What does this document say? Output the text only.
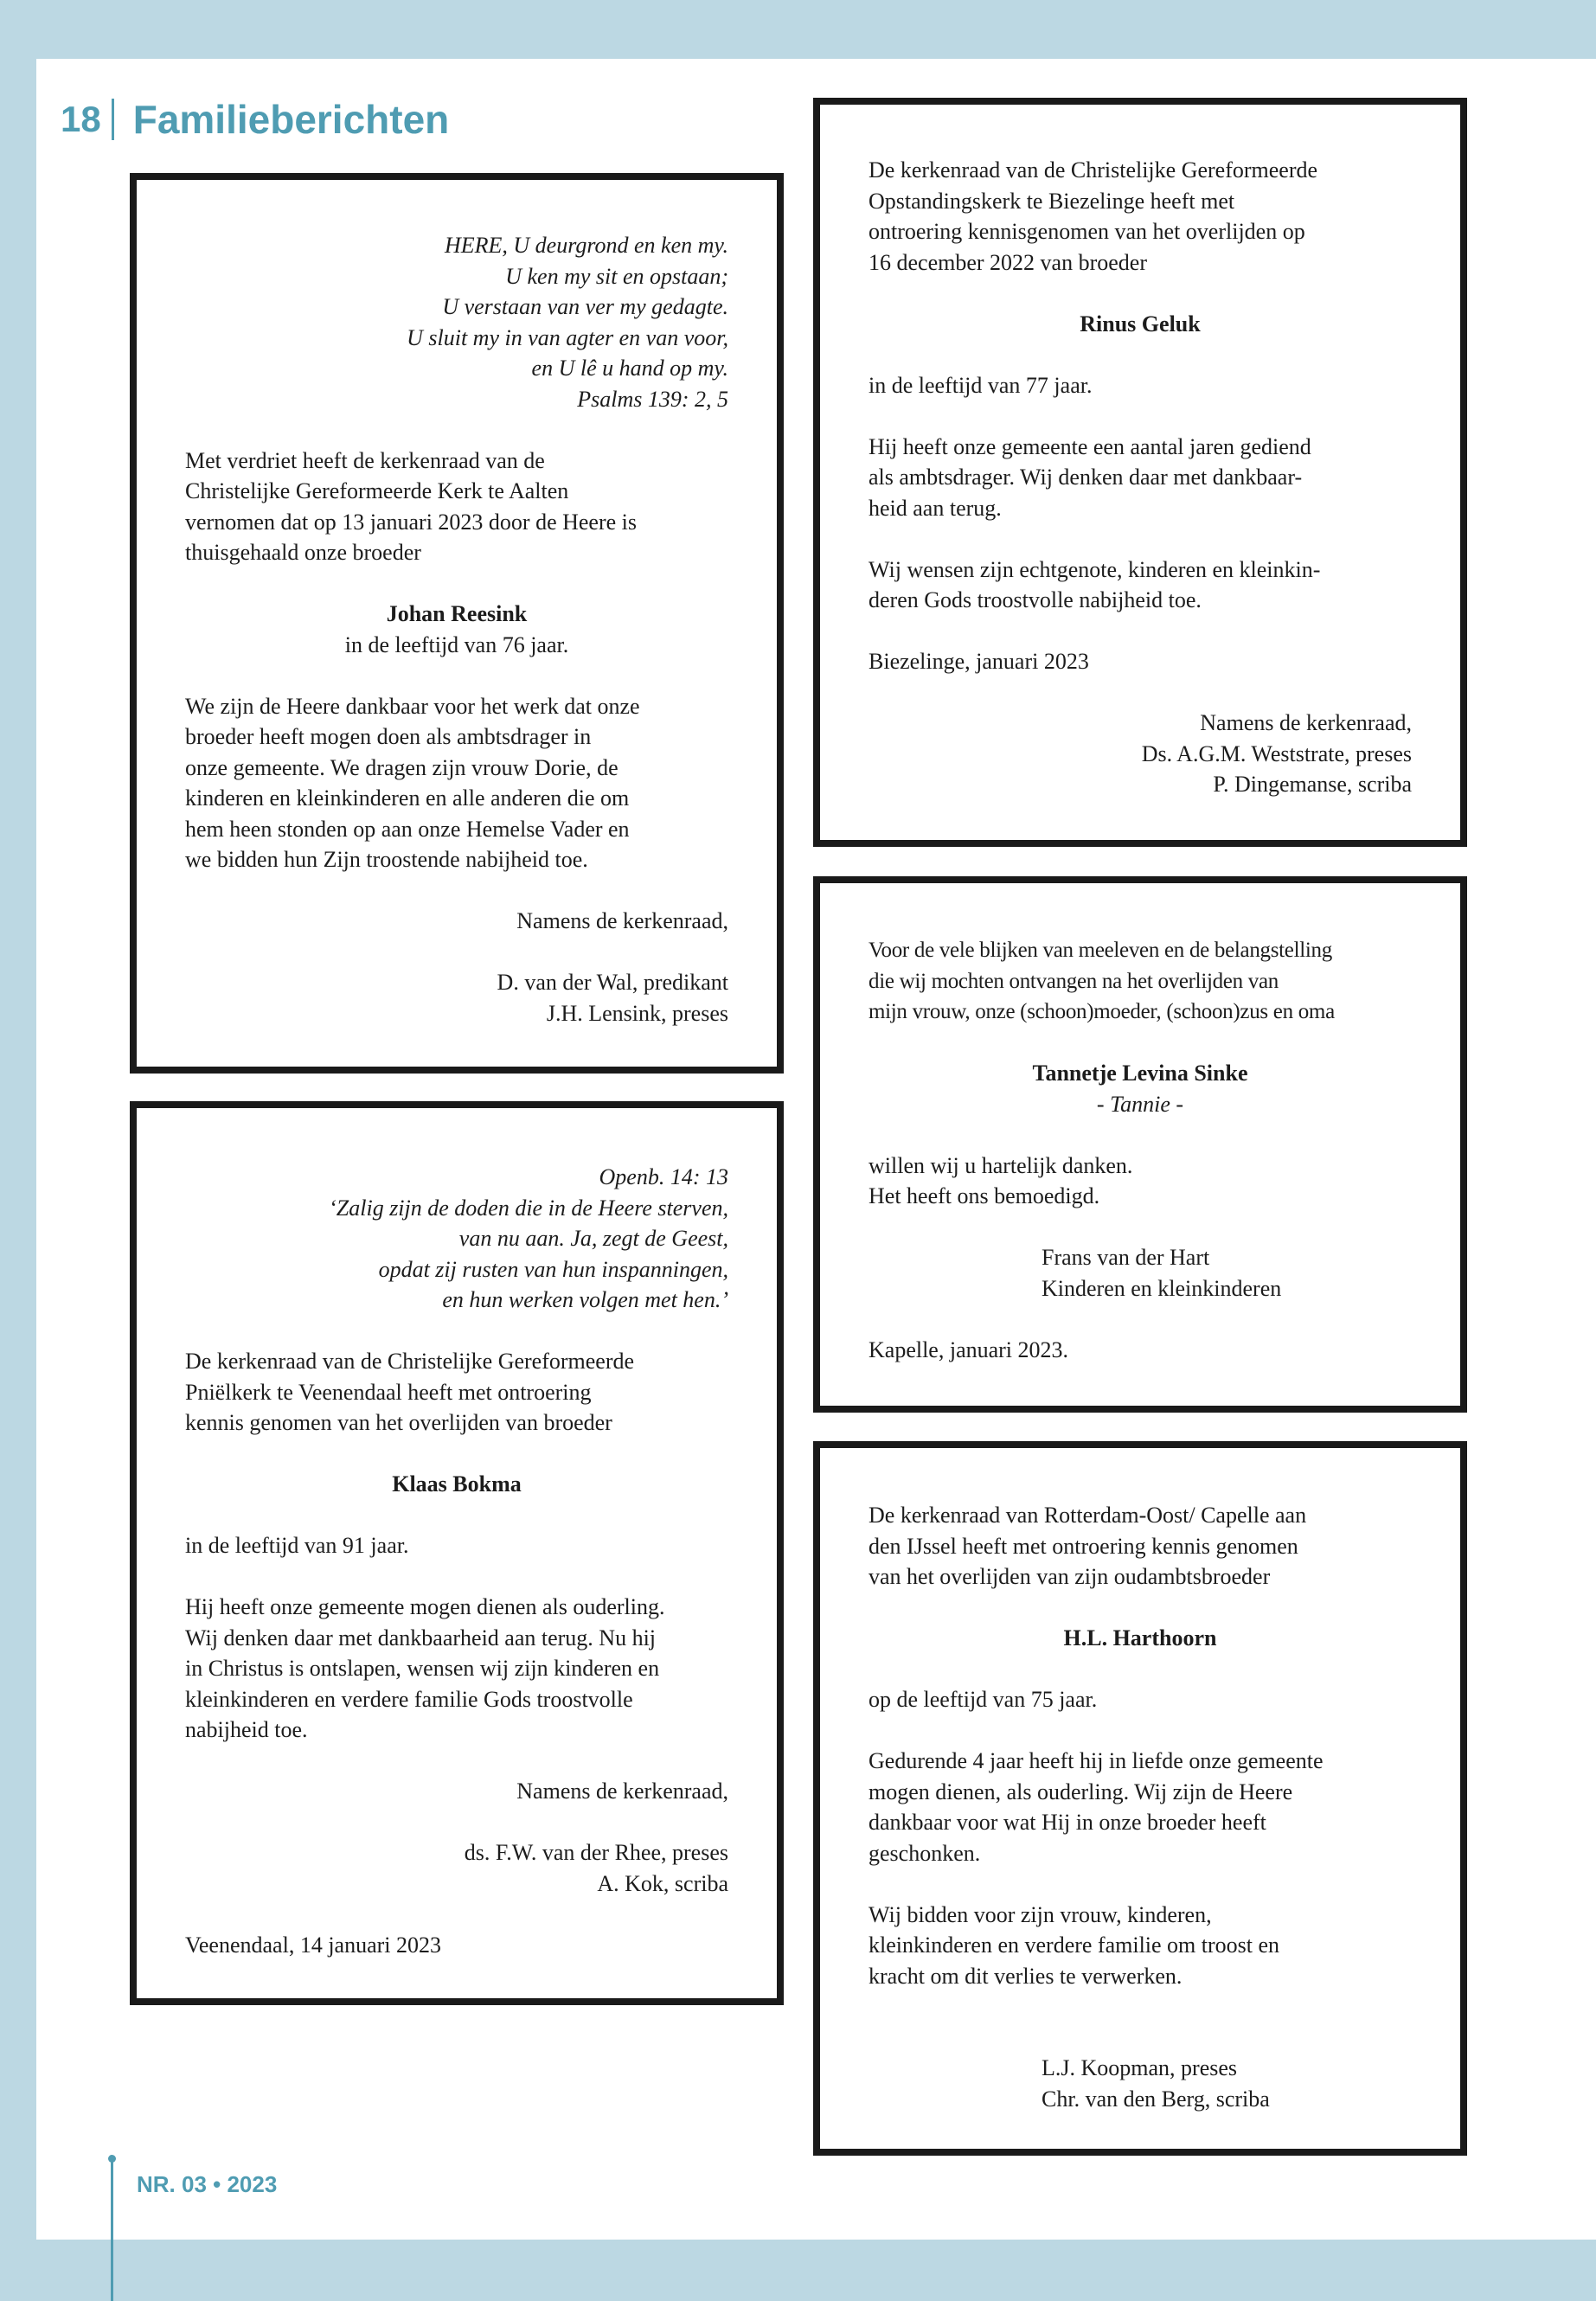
18 Familieberichten

HERE, U deurgrond en ken my.

U ken my sit en opstaan;

U verstaan van ver my gedagte.

U sluit my in van agter en van voor,

en U lê u hand op my.

Psalms 139: 2, 5

Met verdriet heeft de kerkenraad van de

Christelijke Gereformeerde Kerk te Aalten

vernomen dat op 13 januari 2023 door de Heere is

thuisgehaald onze broeder

Johan Reesink

in de leeftijd van 76 jaar.

We zijn de Heere dankbaar voor het werk dat onze

broeder heeft mogen doen als ambtsdrager in

onze gemeente. We dragen zijn vrouw Dorie, de

kinderen en kleinkinderen en alle anderen die om

hem heen stonden op aan onze Hemelse Vader en

we bidden hun Zijn troostende nabijheid toe.

Namens de kerkenraad,

D. van der Wal, predikant

J.H. Lensink, preses

Openb. 14: 13

‘Zalig zijn de doden die in de Heere sterven,

van nu aan. Ja, zegt de Geest,

opdat zij rusten van hun inspanningen,

en hun werken volgen met hen.’

De kerkenraad van de Christelijke Gereformeerde

Pniëlkerk te Veenendaal heeft met ontroering

kennis genomen van het overlijden van broeder

Klaas Bokma

in de leeftijd van 91 jaar.

Hij heeft onze gemeente mogen dienen als ouderling.

Wij denken daar met dankbaarheid aan terug. Nu hij

in Christus is ontslapen, wensen wij zijn kinderen en

kleinkinderen en verdere familie Gods troostvolle

nabijheid toe.

Namens de kerkenraad,

ds. F.W. van der Rhee, preses

A. Kok, scriba

Veenendaal, 14 januari 2023

De kerkenraad van de Christelijke Gereformeerde

Opstandingskerk te Biezelinge heeft met

ontroering kennisgenomen van het overlijden op

16 december 2022 van broeder

Rinus Geluk

in de leeftijd van 77 jaar.

Hij heeft onze gemeente een aantal jaren gediend

als ambtsdrager. Wij denken daar met dankbaar-

heid aan terug.

Wij wensen zijn echtgenote, kinderen en kleinkin-

deren Gods troostvolle nabijheid toe.

Biezelinge, januari 2023

Namens de kerkenraad,

Ds. A.G.M. Weststrate, preses

P. Dingemanse, scriba

Voor de vele blijken van meeleven en de belangstelling

die wij mochten ontvangen na het overlijden van

mijn vrouw, onze (schoon)moeder, (schoon)zus en oma

Tannetje Levina Sinke

- Tannie -

willen wij u hartelijk danken.

Het heeft ons bemoedigd.

Frans van der Hart

Kinderen en kleinkinderen

Kapelle, januari 2023.

De kerkenraad van Rotterdam-Oost/ Capelle aan

den IJssel heeft met ontroering kennis genomen

van het overlijden van zijn oudambtsbroeder

H.L. Harthoorn

op de leeftijd van 75 jaar.

Gedurende 4 jaar heeft hij in liefde onze gemeente

mogen dienen, als ouderling. Wij zijn de Heere

dankbaar voor wat Hij in onze broeder heeft

geschonken.

Wij bidden voor zijn vrouw, kinderen,

kleinkinderen en verdere familie om troost en

kracht om dit verlies te verwerken.

L.J. Koopman, preses

Chr. van den Berg, scriba

NR. 03 • 2023
